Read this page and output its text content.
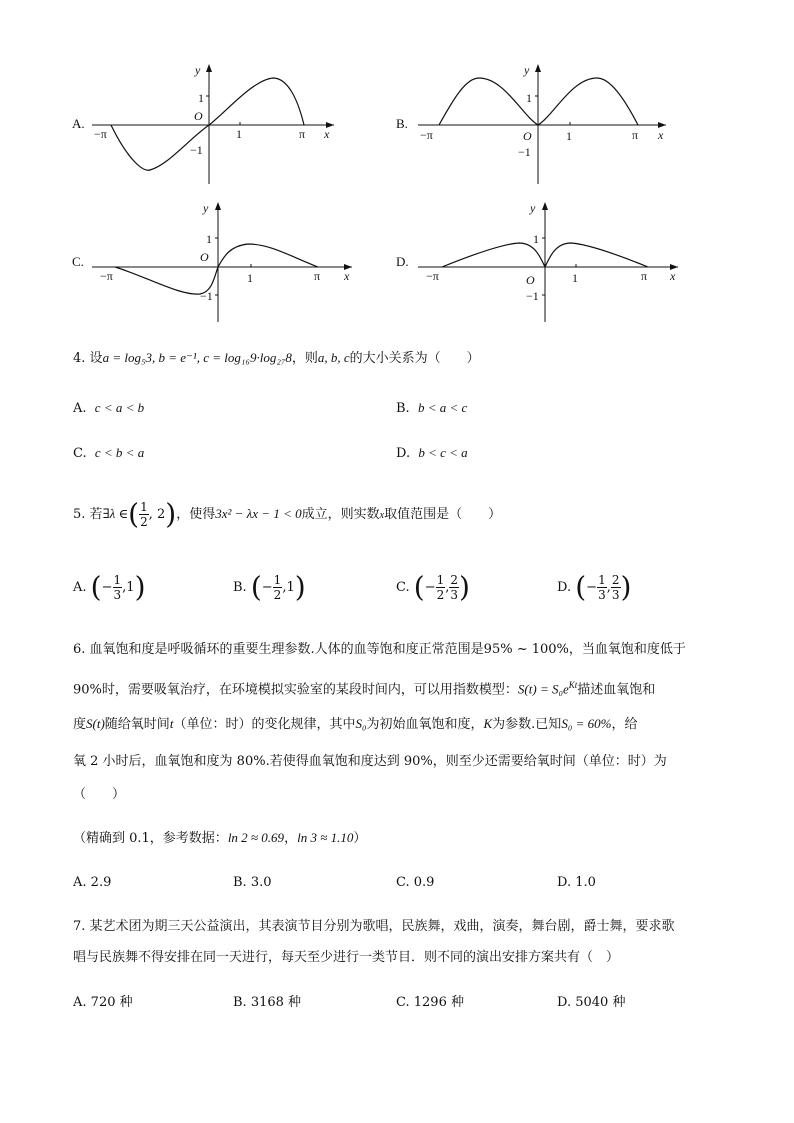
A.
y
x
O
1
1
−1
−π	π
B.
y
x
O	1
1
−1
−π	π
C.
y
x
O
1
1
−1
−π	π
D.
y
x
O	1
1
−1
−π	π
4. 设a = log₅3, b = e⁻¹, c = log₁₆9·log₂₇8，则a, b, c的大小关系为（　　）
A. c < a < b	B. b < a < c
C. c < b < a	D. b < c < a
5. 若∃λ ∈( $\frac{1}{2}$ , 2)，使得3x² − λx − 1 < 0成立，则实数x取值范围是（　　）
A. (− $\frac{1}{3} ,1$)	B. (− $\frac{1}{2} ,1$)	C. (− $\frac{1}{2}$ , $\frac{2}{3}$ )	D. (− $\frac{1}{3}$ , $\frac{2}{3}$ )
6. 血氧饱和度是呼吸循环的重要生理参数.人体的血等饱和度正常范围是95% ~ 100%，当血氧饱和度低于
90%时，需要吸氧治疗，在环境模拟实验室的某段时间内，可以用指数模型：$S(t) = S_0e^{Kt}$描述血氧饱和
度S(t)随给氧时间t（单位：时）的变化规律，其中S₀为初始血氧饱和度，K为参数.已知S₀ = 60%，给
氧 2 小时后，血氧饱和度为 80%.若使得血氧饱和度达到 90%，则至少还需要给氧时间（单位：时）为
（　　）
（精确到 0.1，参考数据：ln 2 ≈ 0.69，ln 3 ≈ 1.10）
A. 2.9	B. 3.0	C. 0.9	D. 1.0
7. 某艺术团为期三天公益演出，其表演节目分别为歌唱，民族舞，戏曲，演奏，舞台剧，爵士舞，要求歌
唱与民族舞不得安排在同一天进行，每天至少进行一类节目．则不同的演出安排方案共有（　）
A. 720 种	B. 3168 种	C. 1296 种	D. 5040 种
